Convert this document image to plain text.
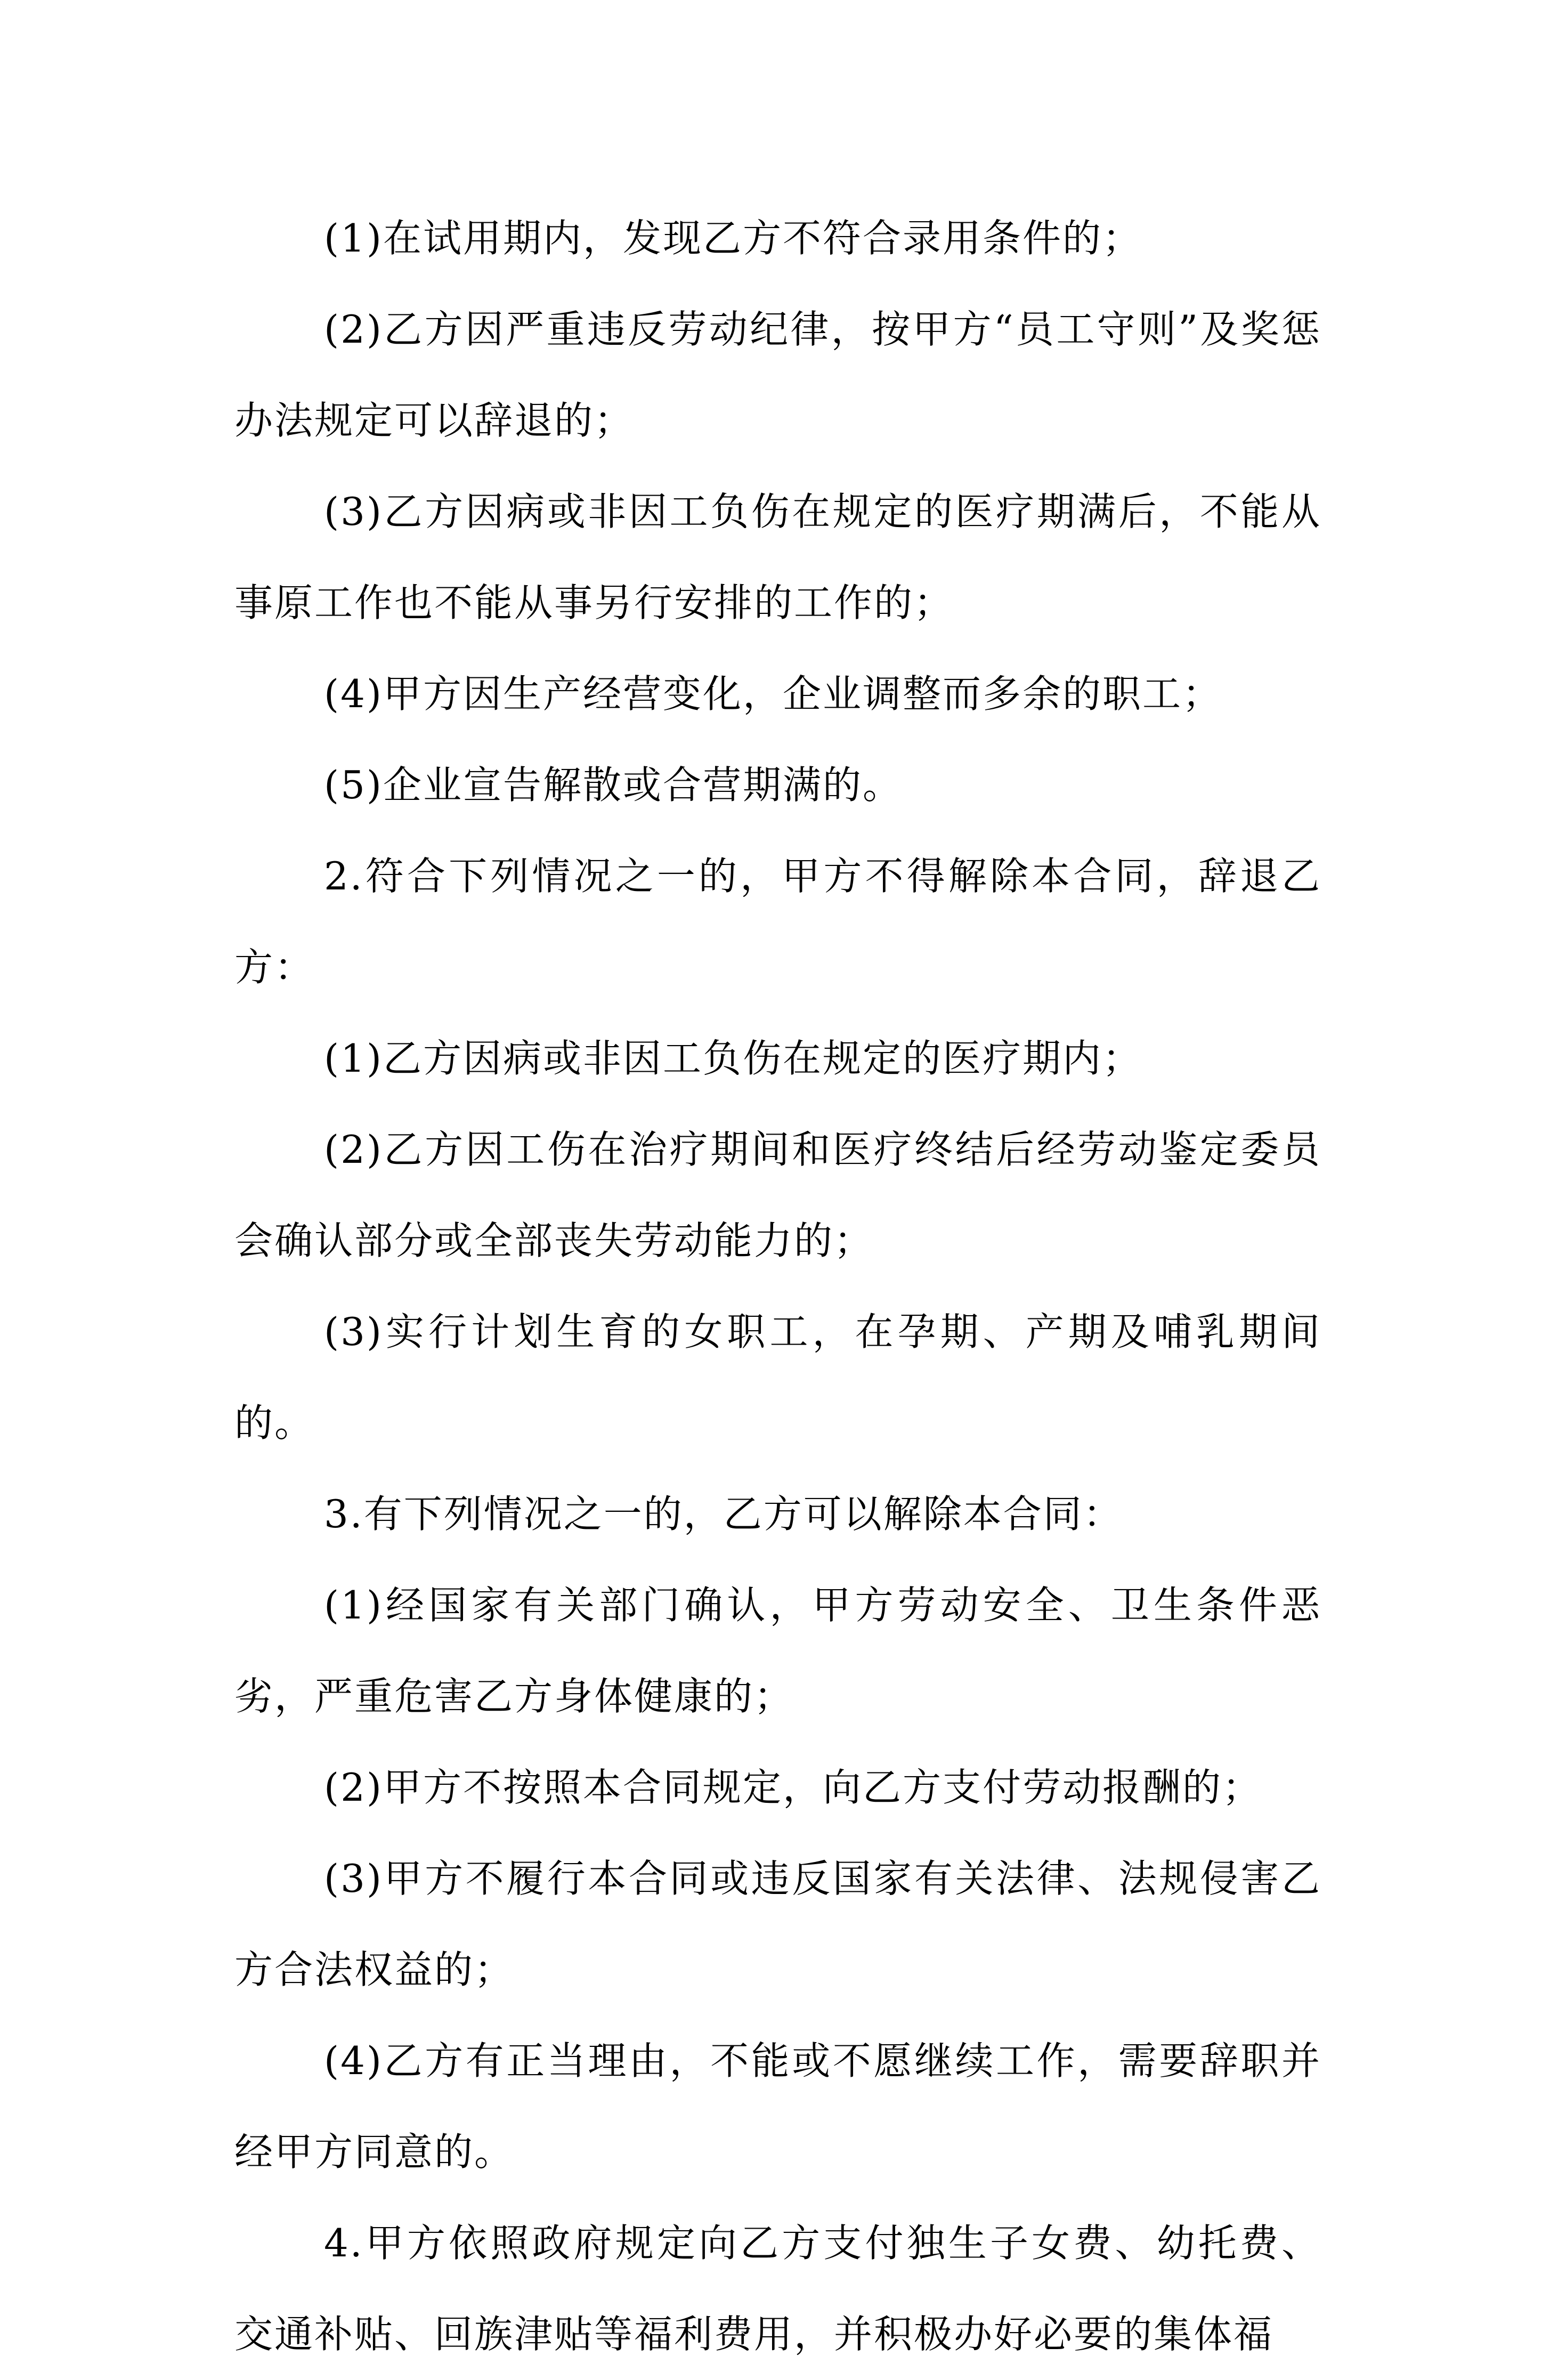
(1)在试用期内，发现乙方不符合录用条件的；

(2)乙方因严重违反劳动纪律，按甲方“员工守则”及奖惩办法规定可以辞退的；

(3)乙方因病或非因工负伤在规定的医疗期满后，不能从事原工作也不能从事另行安排的工作的；

(4)甲方因生产经营变化，企业调整而多余的职工；

(5)企业宣告解散或合营期满的。

2.符合下列情况之一的，甲方不得解除本合同，辞退乙方：

(1)乙方因病或非因工负伤在规定的医疗期内；

(2)乙方因工伤在治疗期间和医疗终结后经劳动鉴定委员会确认部分或全部丧失劳动能力的；

(3)实行计划生育的女职工，在孕期、产期及哺乳期间的。

3.有下列情况之一的，乙方可以解除本合同：

(1)经国家有关部门确认，甲方劳动安全、卫生条件恶劣，严重危害乙方身体健康的；

(2)甲方不按照本合同规定，向乙方支付劳动报酬的；

(3)甲方不履行本合同或违反国家有关法律、法规侵害乙方合法权益的；

(4)乙方有正当理由，不能或不愿继续工作，需要辞职并经甲方同意的。

4.甲方依照政府规定向乙方支付独生子女费、幼托费、交通补贴、回族津贴等福利费用，并积极办好必要的集体福
